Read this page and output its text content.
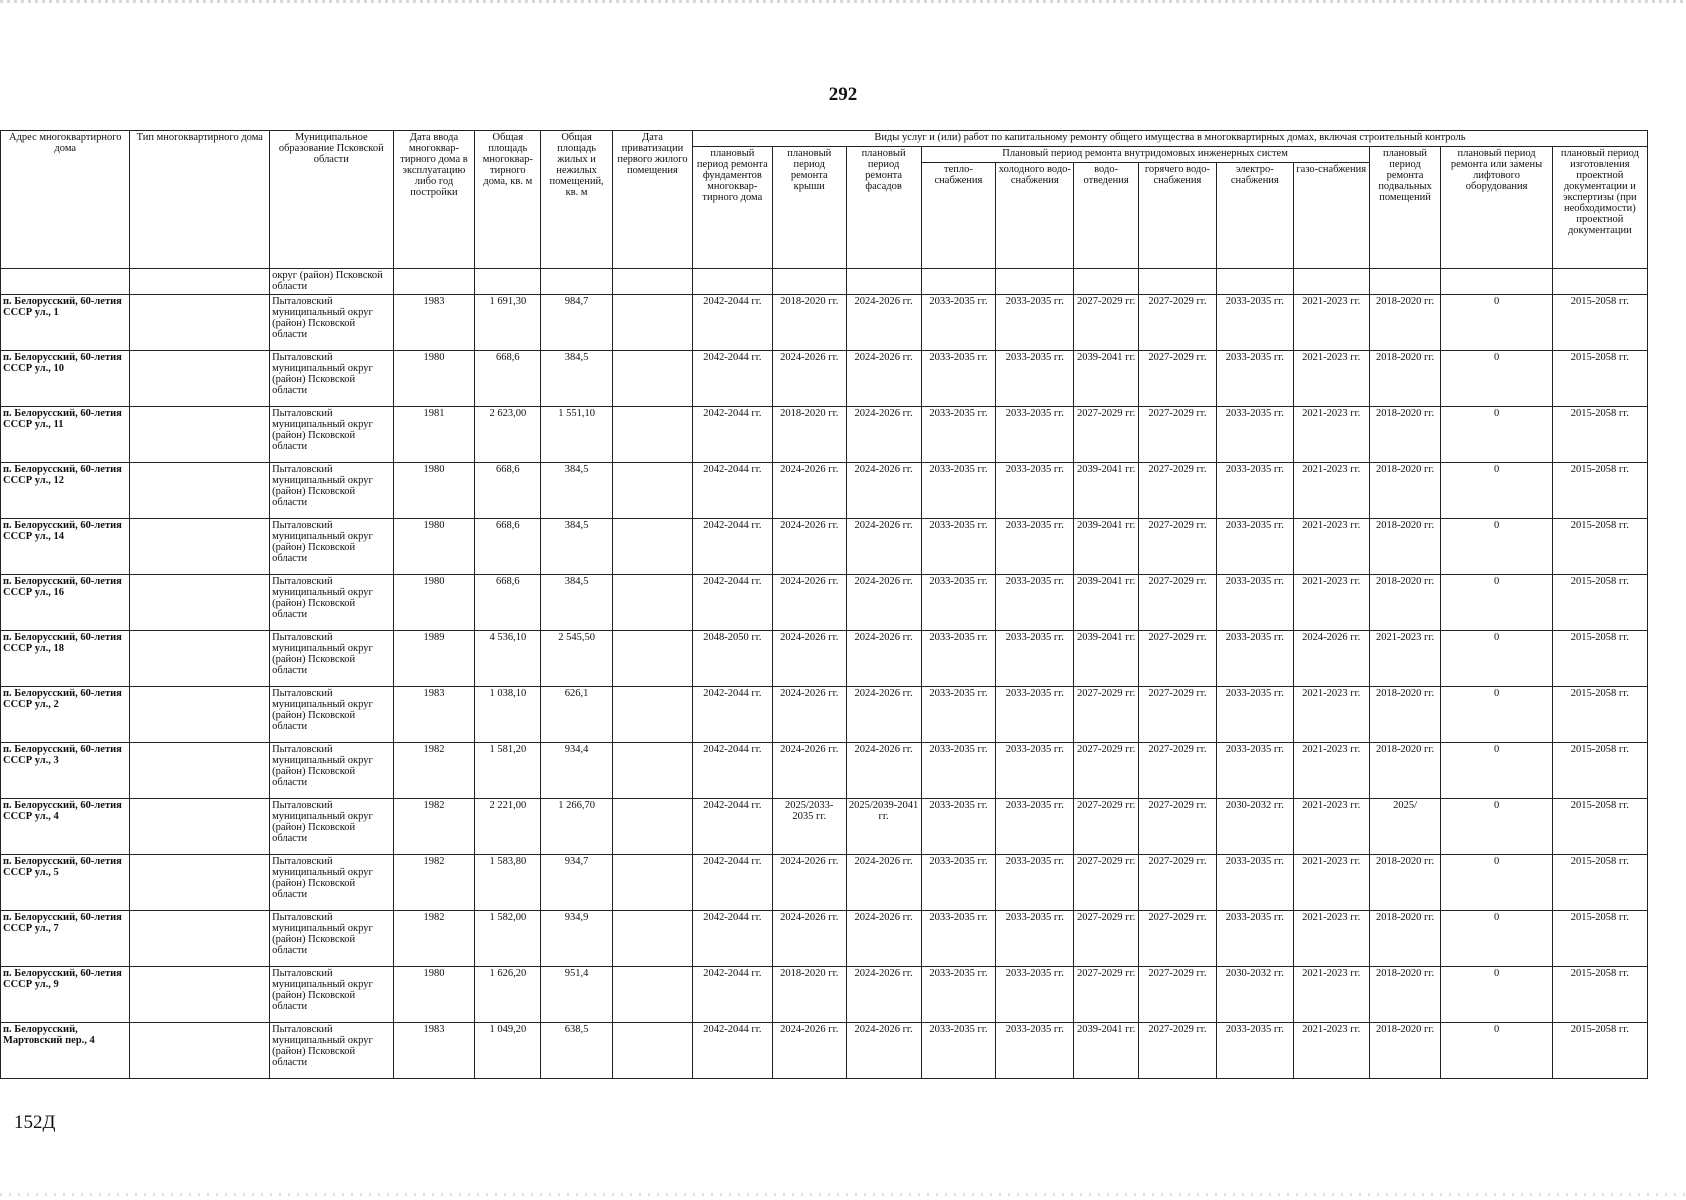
292
Адрес многоквартирного дома	Тип многоквартирного дома	Муниципальное образование Псковской области	Дата ввода многоквар-тирного дома в эксплуатацию либо год постройки	Общая площадь многоквар-тирного дома, кв. м	Общая площадь жилых и нежилых помещений, кв. м	Дата приватизации первого жилого помещения	Виды услуг и (или) работ по капитальному ремонту общего имущества в многоквартирных домах, включая строительный контроль											
							плановый период ремонта фундаментов многоквар-тирного дома	плановый период ремонта крыши	плановый период ремонта фасадов	Плановый период ремонта внутридомовых инженерных систем						плановый период ремонта подвальных помещений	плановый период ремонта или замены лифтового оборудования	плановый период изготовления проектной документации и экспертизы (при необходимости) проектной документации
										тепло-снабжения	холодного водо-снабжения	водо-отведения	горячего водо-снабжения	электро-снабжения	газо-снабжения			
		округ (район) Псковской области																
п. Белорусский, 60-летия СССР ул., 1		Пыталовский муниципальный округ (район) Псковской области	1983	1 691,30	984,7		2042-2044 гг.	2018-2020 гг.	2024-2026 гг.	2033-2035 гг.	2033-2035 гг.	2027-2029 гг.	2027-2029 гг.	2033-2035 гг.	2021-2023 гг.	2018-2020 гг.	0	2015-2058 гг.
п. Белорусский, 60-летия СССР ул., 10		Пыталовский муниципальный округ (район) Псковской области	1980	668,6	384,5		2042-2044 гг.	2024-2026 гг.	2024-2026 гг.	2033-2035 гг.	2033-2035 гг.	2039-2041 гг.	2027-2029 гг.	2033-2035 гг.	2021-2023 гг.	2018-2020 гг.	0	2015-2058 гг.
п. Белорусский, 60-летия СССР ул., 11		Пыталовский муниципальный округ (район) Псковской области	1981	2 623,00	1 551,10		2042-2044 гг.	2018-2020 гг.	2024-2026 гг.	2033-2035 гг.	2033-2035 гг.	2027-2029 гг.	2027-2029 гг.	2033-2035 гг.	2021-2023 гг.	2018-2020 гг.	0	2015-2058 гг.
п. Белорусский, 60-летия СССР ул., 12		Пыталовский муниципальный округ (район) Псковской области	1980	668,6	384,5		2042-2044 гг.	2024-2026 гг.	2024-2026 гг.	2033-2035 гг.	2033-2035 гг.	2039-2041 гг.	2027-2029 гг.	2033-2035 гг.	2021-2023 гг.	2018-2020 гг.	0	2015-2058 гг.
п. Белорусский, 60-летия СССР ул., 14		Пыталовский муниципальный округ (район) Псковской области	1980	668,6	384,5		2042-2044 гг.	2024-2026 гг.	2024-2026 гг.	2033-2035 гг.	2033-2035 гг.	2039-2041 гг.	2027-2029 гг.	2033-2035 гг.	2021-2023 гг.	2018-2020 гг.	0	2015-2058 гг.
п. Белорусский, 60-летия СССР ул., 16		Пыталовский муниципальный округ (район) Псковской области	1980	668,6	384,5		2042-2044 гг.	2024-2026 гг.	2024-2026 гг.	2033-2035 гг.	2033-2035 гг.	2039-2041 гг.	2027-2029 гг.	2033-2035 гг.	2021-2023 гг.	2018-2020 гг.	0	2015-2058 гг.
п. Белорусский, 60-летия СССР ул., 18		Пыталовский муниципальный округ (район) Псковской области	1989	4 536,10	2 545,50		2048-2050 гг.	2024-2026 гг.	2024-2026 гг.	2033-2035 гг.	2033-2035 гг.	2039-2041 гг.	2027-2029 гг.	2033-2035 гг.	2024-2026 гг.	2021-2023 гг.	0	2015-2058 гг.
п. Белорусский, 60-летия СССР ул., 2		Пыталовский муниципальный округ (район) Псковской области	1983	1 038,10	626,1		2042-2044 гг.	2024-2026 гг.	2024-2026 гг.	2033-2035 гг.	2033-2035 гг.	2027-2029 гг.	2027-2029 гг.	2033-2035 гг.	2021-2023 гг.	2018-2020 гг.	0	2015-2058 гг.
п. Белорусский, 60-летия СССР ул., 3		Пыталовский муниципальный округ (район) Псковской области	1982	1 581,20	934,4		2042-2044 гг.	2024-2026 гг.	2024-2026 гг.	2033-2035 гг.	2033-2035 гг.	2027-2029 гг.	2027-2029 гг.	2033-2035 гг.	2021-2023 гг.	2018-2020 гг.	0	2015-2058 гг.
п. Белорусский, 60-летия СССР ул., 4		Пыталовский муниципальный округ (район) Псковской области	1982	2 221,00	1 266,70		2042-2044 гг.	2025/2033-2035 гг.	2025/2039-2041 гг.	2033-2035 гг.	2033-2035 гг.	2027-2029 гг.	2027-2029 гг.	2030-2032 гг.	2021-2023 гг.	2025/	0	2015-2058 гг.
п. Белорусский, 60-летия СССР ул., 5		Пыталовский муниципальный округ (район) Псковской области	1982	1 583,80	934,7		2042-2044 гг.	2024-2026 гг.	2024-2026 гг.	2033-2035 гг.	2033-2035 гг.	2027-2029 гг.	2027-2029 гг.	2033-2035 гг.	2021-2023 гг.	2018-2020 гг.	0	2015-2058 гг.
п. Белорусский, 60-летия СССР ул., 7		Пыталовский муниципальный округ (район) Псковской области	1982	1 582,00	934,9		2042-2044 гг.	2024-2026 гг.	2024-2026 гг.	2033-2035 гг.	2033-2035 гг.	2027-2029 гг.	2027-2029 гг.	2033-2035 гг.	2021-2023 гг.	2018-2020 гг.	0	2015-2058 гг.
п. Белорусский, 60-летия СССР ул., 9		Пыталовский муниципальный округ (район) Псковской области	1980	1 626,20	951,4		2042-2044 гг.	2018-2020 гг.	2024-2026 гг.	2033-2035 гг.	2033-2035 гг.	2027-2029 гг.	2027-2029 гг.	2030-2032 гг.	2021-2023 гг.	2018-2020 гг.	0	2015-2058 гг.
п. Белорусский, Мартовский пер., 4		Пыталовский муниципальный округ (район) Псковской области	1983	1 049,20	638,5		2042-2044 гг.	2024-2026 гг.	2024-2026 гг.	2033-2035 гг.	2033-2035 гг.	2039-2041 гг.	2027-2029 гг.	2033-2035 гг.	2021-2023 гг.	2018-2020 гг.	0	2015-2058 гг.
152Д
